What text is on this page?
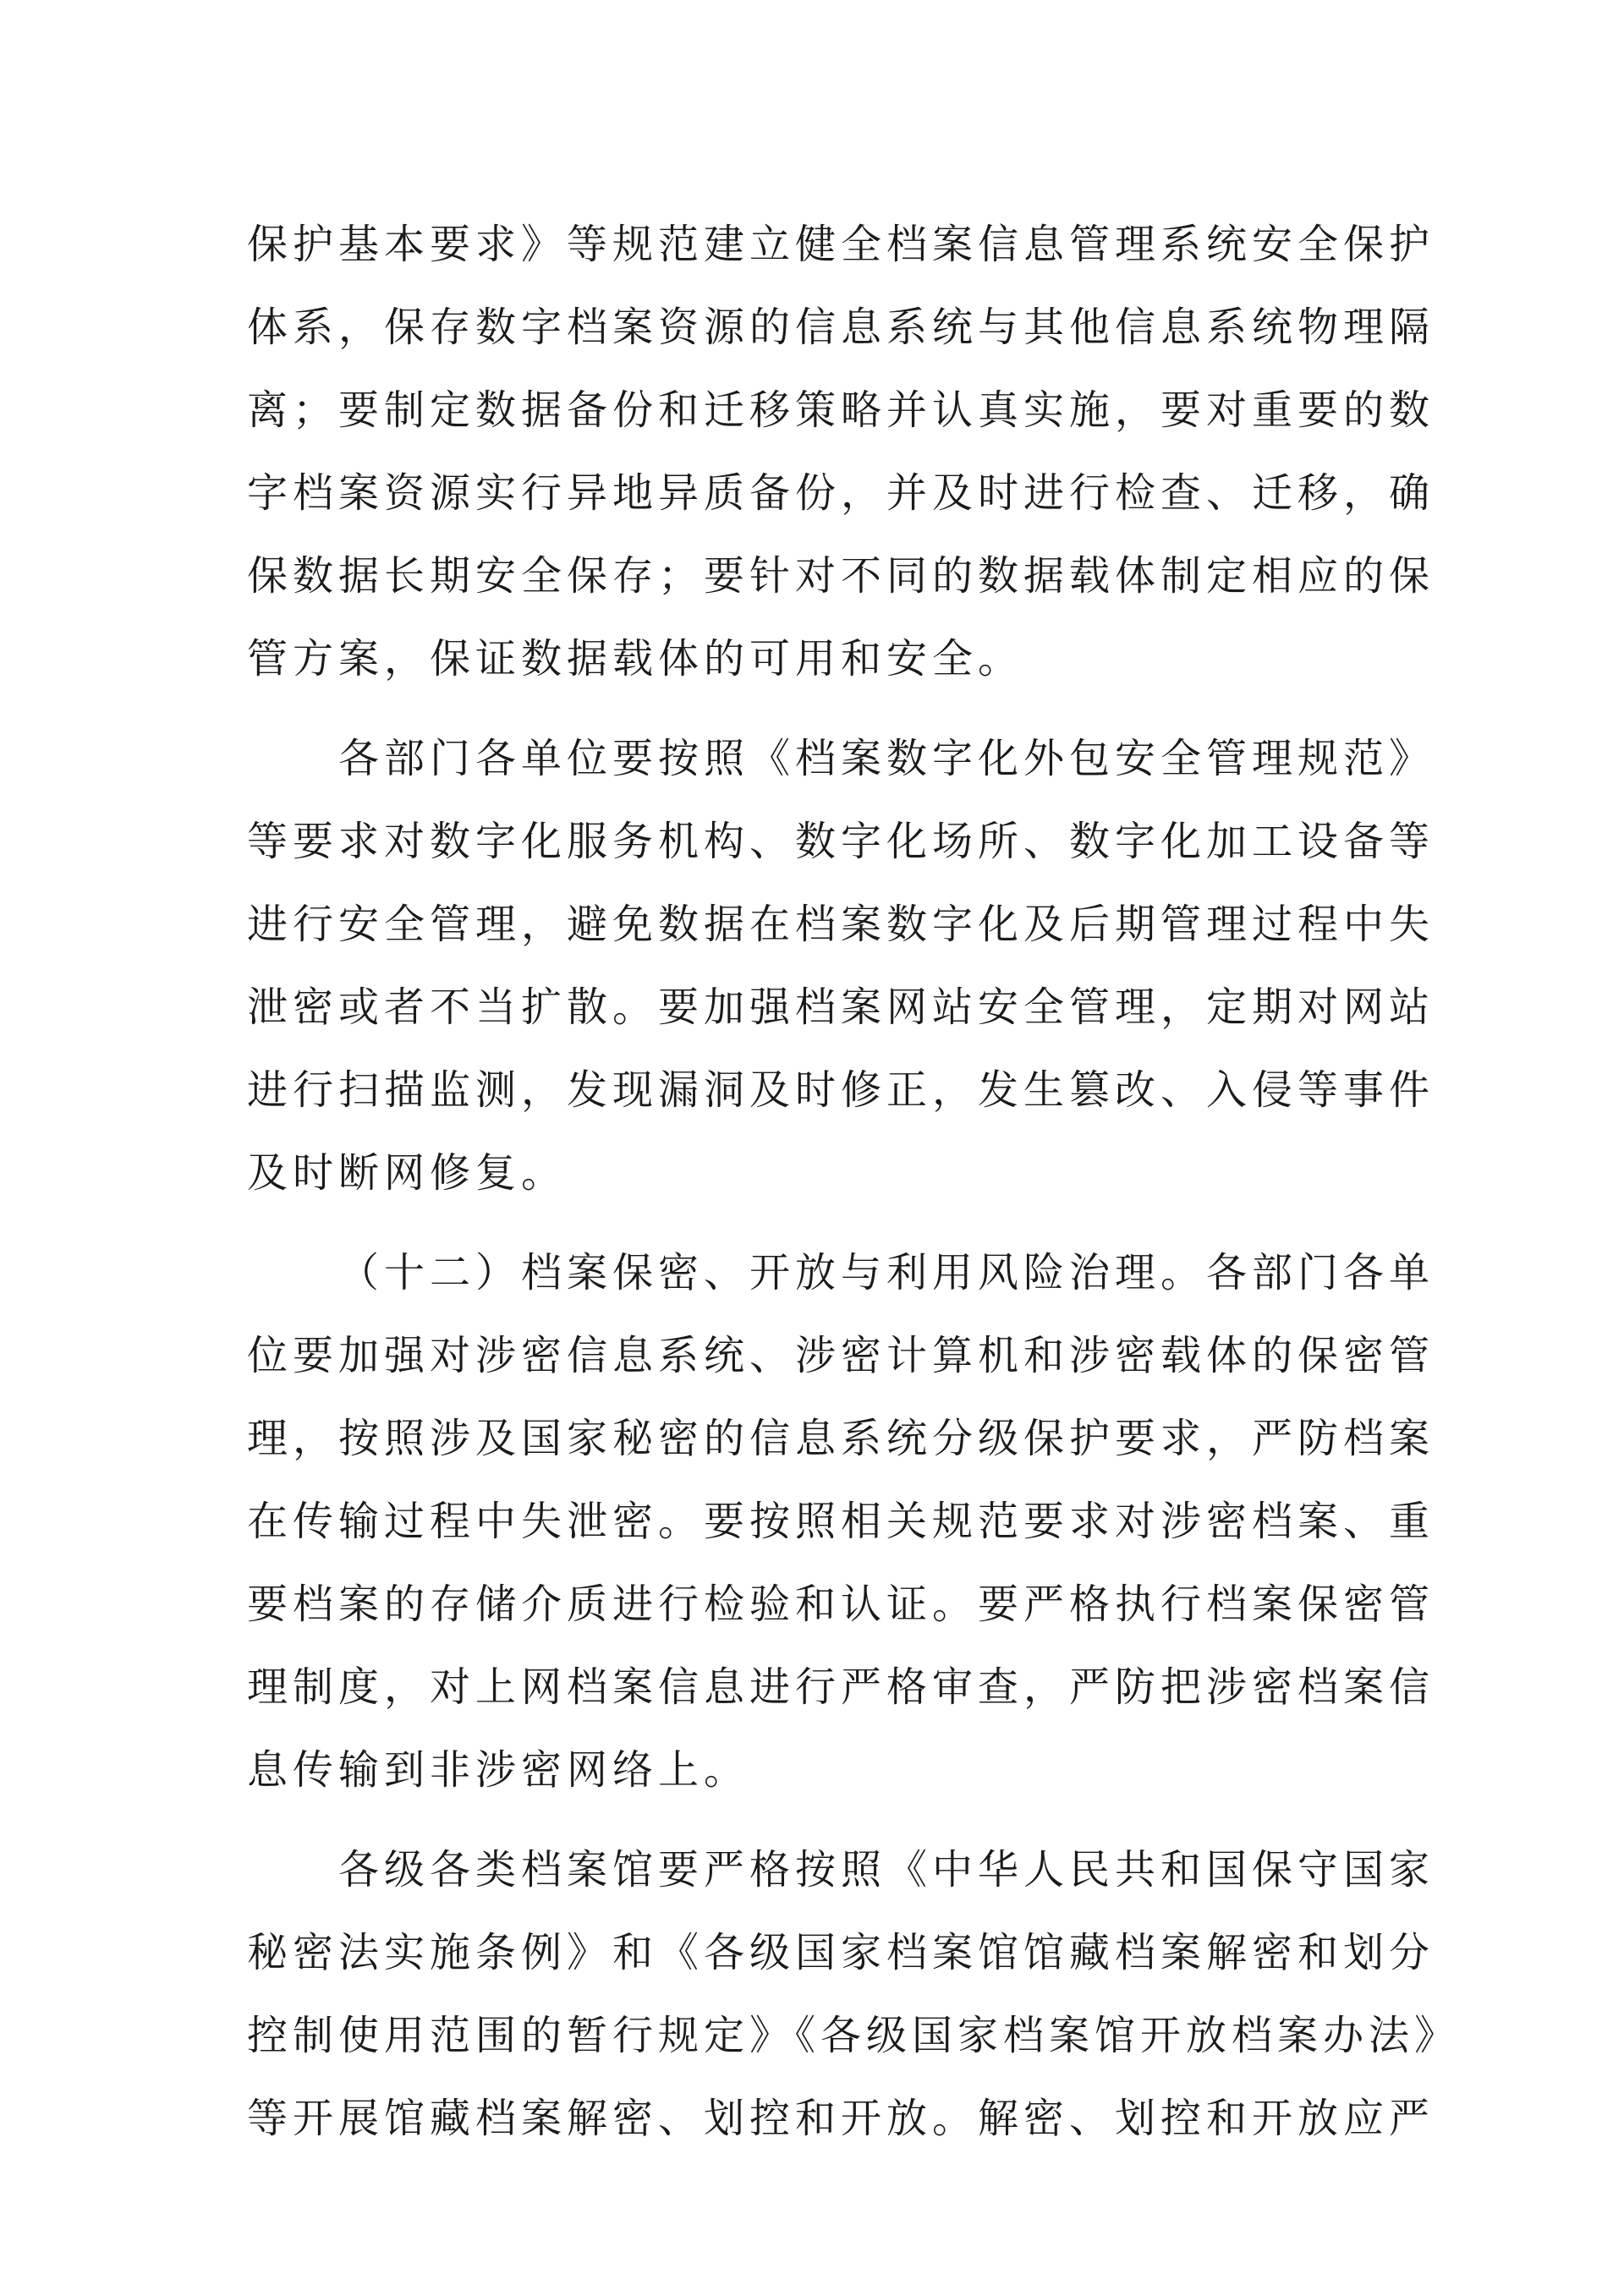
保护基本要求》等规范建立健全档案信息管理系统安全保护
体系，保存数字档案资源的信息系统与其他信息系统物理隔
离；要制定数据备份和迁移策略并认真实施，要对重要的数
字档案资源实行异地异质备份，并及时进行检查、迁移，确
保数据长期安全保存；要针对不同的数据载体制定相应的保
管方案，保证数据载体的可用和安全。
各部门各单位要按照《档案数字化外包安全管理规范》
等要求对数字化服务机构、数字化场所、数字化加工设备等
进行安全管理，避免数据在档案数字化及后期管理过程中失
泄密或者不当扩散。要加强档案网站安全管理，定期对网站
进行扫描监测，发现漏洞及时修正，发生篡改、入侵等事件
及时断网修复。
（十二）档案保密、开放与利用风险治理。各部门各单
位要加强对涉密信息系统、涉密计算机和涉密载体的保密管
理，按照涉及国家秘密的信息系统分级保护要求，严防档案
在传输过程中失泄密。要按照相关规范要求对涉密档案、重
要档案的存储介质进行检验和认证。要严格执行档案保密管
理制度，对上网档案信息进行严格审查，严防把涉密档案信
息传输到非涉密网络上。
各级各类档案馆要严格按照《中华人民共和国保守国家
秘密法实施条例》和《各级国家档案馆馆藏档案解密和划分
控制使用范围的暂行规定》《各级国家档案馆开放档案办法》
等开展馆藏档案解密、划控和开放。解密、划控和开放应严
